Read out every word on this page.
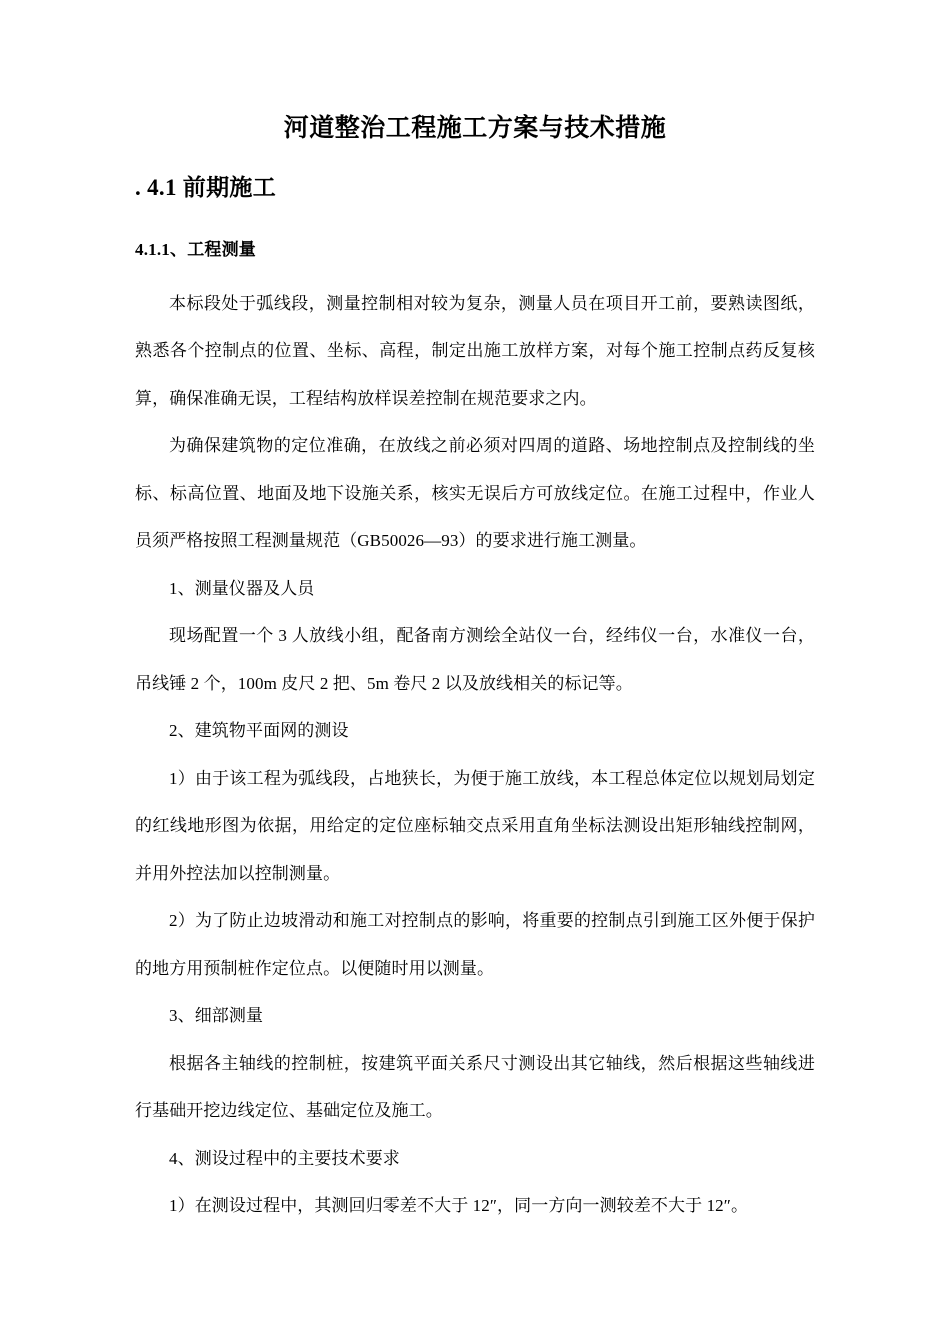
河道整治工程施工方案与技术措施
. 4.1 前期施工
4.1.1、工程测量

本标段处于弧线段，测量控制相对较为复杂，测量人员在项目开工前，要熟读图纸，熟悉各个控制点的位置、坐标、高程，制定出施工放样方案，对每个施工控制点药反复核算，确保准确无误，工程结构放样误差控制在规范要求之内。

为确保建筑物的定位准确，在放线之前必须对四周的道路、场地控制点及控制线的坐标、标高位置、地面及地下设施关系，核实无误后方可放线定位。在施工过程中，作业人员须严格按照工程测量规范（GB50026—93）的要求进行施工测量。

1、测量仪器及人员

现场配置一个 3 人放线小组，配备南方测绘全站仪一台，经纬仪一台，水准仪一台，吊线锤 2 个，100m 皮尺 2 把、5m 卷尺 2 以及放线相关的标记等。

2、建筑物平面网的测设

1）由于该工程为弧线段，占地狭长，为便于施工放线，本工程总体定位以规划局划定的红线地形图为依据，用给定的定位座标轴交点采用直角坐标法测设出矩形轴线控制网，并用外控法加以控制测量。

2）为了防止边坡滑动和施工对控制点的影响，将重要的控制点引到施工区外便于保护的地方用预制桩作定位点。以便随时用以测量。

3、细部测量

根据各主轴线的控制桩，按建筑平面关系尺寸测设出其它轴线，然后根据这些轴线进行基础开挖边线定位、基础定位及施工。

4、测设过程中的主要技术要求

1）在测设过程中，其测回归零差不大于 12″，同一方向一测较差不大于 12″。
